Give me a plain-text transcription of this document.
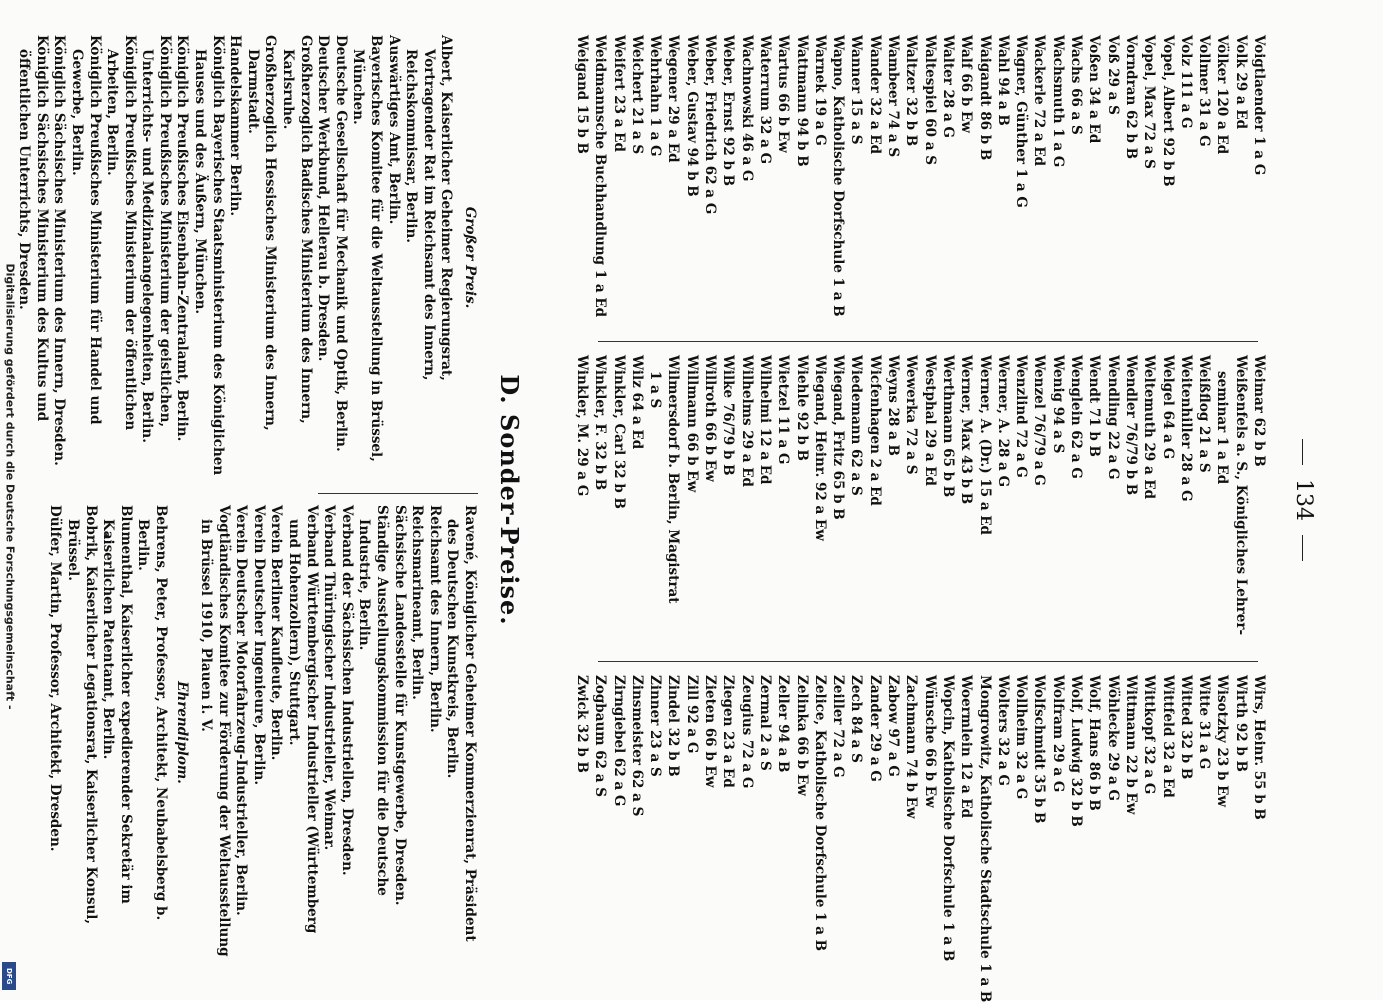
134
Voigtlaender 1 a G
Volk 29 a Ed
Völker 120 a Ed
Vollmer 31 a G
Volz 111 a G
Vopel, Albert 92 b B
Vopel, Max 72 a S
Vorndran 62 b B
Voß 29 a S
Voßen 34 a Ed
Wachs 66 a S
Wachsmuth 1 a G
Wackerle 72 a Ed
Wagner, Günther 1 a G
Wahl 94 a B
Waigandt 86 b B
Walf 66 b Ew
Walter 28 a G
Waltespiel 60 a S
Waltzer 32 b B
Wambeer 74 a S
Wander 32 a Ed
Wanner 15 a S
Wapno, Katholische Dorfschule 1 a B
Warnek 19 a G
Wattmann 94 b B
Wartus 66 b Ew
Waterrum 32 a G
Wachnowski 46 a G
Weber, Ernst 92 b B
Weber, Friedrich 62 a G
Weber, Gustav 94 b B
Wegener 29 a Ed
Wehrhahn 1 a G
Weichert 21 a S
Weifert 23 a Ed
Weidmannsche Buchhandlung 1 a Ed
Weigand 15 b B
Weimar 62 b B
Weißenfels a. S., Königliches Lehrer-
seminar 1 a Ed
Weißflog 21 a S
Weitenhiller 28 a G
Welgel 64 a G
Weltemuth 29 a Ed
Wendler 76/79 b B
Wendling 22 a G
Wendt 71 b B
Wenglein 62 a G
Wenig 94 a S
Wenzel 76/79 a G
Wenzlind 72 a G
Werner, A. 28 a G
Werner, A. (Dr.) 15 a Ed
Werner, Max 43 b B
Werthmann 65 b B
Westphal 29 a Ed
Wewerka 72 a S
Weyns 28 a B
Wicfenhagen 2 a Ed
Wiedemann 62 a S
Wiegand, Fritz 65 b B
Wiegand, Heinr. 92 a Ew
Wiehle 92 b B
Wietzel 11 a G
Wilhelmi 12 a Ed
Wilhelms 29 a Ed
Wilke 76/79 b B
Willroth 66 b Ew
Willmann 66 b Ew
Wilmersdorf b. Berlin, Magistrat
1 a S
Wilz 64 a Ed
Winkler, Carl 32 b B
Winkler, F. 32 b B
Winkler, M. 29 a G
Wirs, Heinr. 55 b B
Wirth 92 b B
Wisotzky 23 b Ew
Witte 31 a G
Witted 32 b B
Wittfeld 32 a Ed
Wittkopf 32 a G
Wittmann 22 b Ew
Wöhlecke 29 a G
Wolf, Hans 86 b B
Wolf, Ludwig 32 b B
Wolfram 29 a G
Wolfschmidt 35 b B
Wollheim 32 a G
Wolters 32 a G
Mongrowitz, Katholische Stadtschule 1 a B
Woermlein 12 a Ed
Wopcin, Katholische Dorfschule 1 a B
Wünsche 66 b Ew
Zachmann 74 b Ew
Zabow 97 a G
Zander 29 a G
Zech 84 a S
Zeiller 72 a G
Zelice, Katholische Dorfschule 1 a B
Zelinka 66 b Ew
Zeller 94 a B
Zermal 2 a S
Zeugius 72 a G
Ziegen 23 a Ed
Zieten 66 b Ew
Zill 92 a G
Zindel 32 b B
Zinner 23 a S
Zinsmeister 62 a S
Zirngiebel 62 a G
Zogbaum 62 a S
Zwick 32 b B
D. Sonder-Preise.
Großer Preis.
Albert, Kaiserlicher Geheimer Regierungsrat, Vortragender Rat im Reichsamt des Innern, Reichskommissar, Berlin.
Auswärtiges Amt, Berlin.
Bayerisches Komitee für die Weltausstellung in Brüssel, München.
Deutsche Gesellschaft für Mechanik und Optik, Berlin.
Deutscher Werkbund, Hellerau b. Dresden.
Großherzoglich Badisches Ministerium des Innern, Karlsruhe.
Großherzoglich Hessisches Ministerium des Innern, Darmstadt.
Handelskammer Berlin.
Königlich Bayerisches Staatsministerium des Königlichen Hauses und des Äußern, München.
Königlich Preußisches Eisenbahn-Zentralamt, Berlin.
Königlich Preußisches Ministerium der geistlichen, Unterrichts- und Medizinalangelegenheiten, Berlin.
Königlich Preußisches Ministerium der öffentlichen Arbeiten, Berlin.
Königlich Preußisches Ministerium für Handel und Gewerbe, Berlin.
Königlich Sächsisches Ministerium des Innern, Dresden.
Königlich Sächsisches Ministerium des Kultus und öffentlichen Unterrichts, Dresden.
Ravené, Königlicher Geheimer Kommerzienrat, Präsident des Deutschen Kunstkreis, Berlin.
Reichsamt des Innern, Berlin.
Reichsmarineamt, Berlin.
Sächsische Landesstelle für Kunstgewerbe, Dresden.
Ständige Ausstellungskommission für die Deutsche Industrie, Berlin.
Verband der Sächsischen Industriellen, Dresden.
Verband Thüringischer Industrieller, Weimar.
Verband Württembergischer Industrieller (Württemberg und Hohenzollern), Stuttgart.
Verein Berliner Kaufleute, Berlin.
Verein Deutscher Ingenieure, Berlin.
Verein Deutscher Motorfahrzeug-Industrieller, Berlin.
Vogtländisches Komitee zur Förderung der Weltausstellung in Brüssel 1910, Plauen i. V.
Ehrendiplom.
Behrens, Peter, Professor, Architekt, Neubabelsberg b. Berlin.
Blumenthal, Kaiserlicher expedierender Sekretär im Kaiserlichen Patentamt, Berlin.
Bobrik, Kaiserlicher Legationsrat, Kaiserlicher Konsul, Brüssel.
Dülfer, Martin, Professor, Architekt, Dresden.
Digitalisierung gefördert durch die Deutsche Forschungsgemeinschaft -
DFG
